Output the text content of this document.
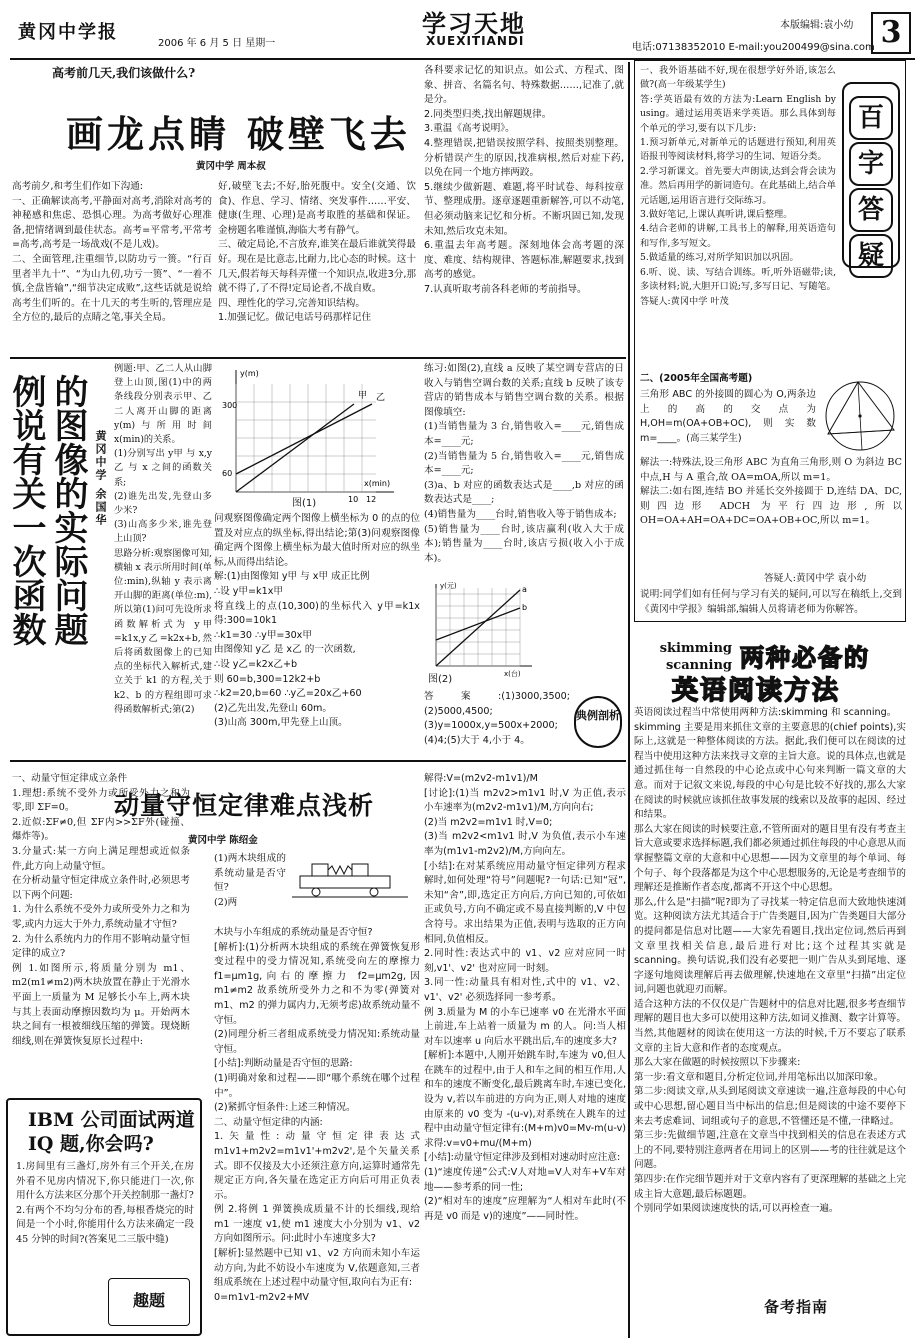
黄冈中学报
2006 年 6 月 5 日 星期一
学习天地
XUEXITIANDI
本版编辑:袁小幼
电话:07138352010 E-mail:you200499@sina.com 3
高考前几天,我们该做什么?
画龙点睛 破壁飞去
黄冈中学 周本叔
高考前夕,和考生们作如下沟通:
一、正确解读高考,平静面对高考,消除对高考的神秘感和焦虑、恐惧心理。为高考做好心理准备,把情绪调到最佳状态。高考=平常考,平常考=高考,高考是一场战戏(不是儿戏)。
二、全面管理,注重细节,以防功亏一篑。“行百里者半九十”、“为山九仞,功亏一篑”、“一着不慎,全盘皆输”,“细节决定成败”,这些话就是说给高考生们听的。在十几天的考生听的,管理应是全方位的,最后的点睛之笔,事关全局。
好,破壁飞去;不好,胎死腹中。安全(交通、饮食)、作息、学习、情绪、突发事件……平安、健康(生理、心理)是高考取胜的基础和保证。金榜题名唯谨慎,海临大考有静气。
三、破定局论,不言放弃,谁笑在最后谁就笑得最好。现在是比意志,比耐力,比心态的时候。这十几天,假若每天每科弄懂一个知识点,收进3分,那就不得了,了不得!定局论者,不战自败。
四、理性化的学习,完善知识结构。
1.加强记忆。做记电话号码那样记住
各科要求记忆的知识点。如公式、方程式、图象、拼音、名篇名句、特殊数据……,记准了,就是分。
2.同类型归类,找出解题规律。
3.重温《高考说明》。
4.整理错误,把错误按照学科、按照类别整理。分析错误产生的原因,找准病根,然后对症下药,以免在同一个地方摔两跤。
5.继续少做新题、难题,将平时试卷、每科按章节、整理成册。逐章逐题重新解答,可以不动笔,但必须动脑来记忆和分析。不断巩固已知,发现未知,然后攻克未知。
6.重温去年高考题。深刻地体会高考题的深度、难度、结构规律、答题标准,解题要求,找到高考的感觉。
7.认真听取考前各科老师的考前指导。
一、我外语基础不好,现在很想学好外语,该怎么做?(高一年级某学生)
答:学英语最有效的方法为:Learn English by using。通过运用英语来学英语。那么具体到每个单元的学习,要有以下几步:
1.预习新单元,对新单元的话题进行预知,利用英语报刊等阅读材料,将学习的生词、短语分类。
2.学习新课文。首先要大声朗读,达到会背会读为准。然后再用学的新词造句。在此基础上,结合单元话题,运用语言进行交际练习。
3.做好笔记,上课认真听讲,课后整理。
4.结合老师的讲解,工具书上的解释,用英语造句和写作,多写短文。
5.做适量的练习,对所学知识加以巩固。
6.听、说、读、写结合训练。听,听外语磁带;读,多读材料;说,大胆开口说;写,多写日记、写随笔。
答疑人:黄冈中学 叶茂
百
字
答
疑
二、(2005年全国高考题)
三角形 ABC 的外接圆的圆心为 O,两条边上的高的交点为 H,OH=m(OA+OB+OC),则实数 m=____。(高三某学生)
解法一:特殊法,设三角形 ABC 为直角三角形,则 O 为斜边 BC 中点,H 与 A 重合,故 OA=mOA,所以 m=1。
解法二:如右图,连结 BO 并延长交外接圆于 D,连结 DA、DC,则四边形 ADCH 为平行四边形,所以 OH=OA+AH=OA+DC=OA+OB+OC,所以 m=1。
答疑人:黄冈中学 袁小幼
说明:同学们如有任何与学习有关的疑问,可以写在稿纸上,交到《黄冈中学报》编辑部,编辑人员将请老师为你解答。
例说有关一次函数 的图像的实际问题 黄冈中学 余国华
例题:甲、乙二人从山脚登上山顶,图(1)中的两条线段分别表示甲、乙二人离开山脚的距离 y(m)与所用时间 x(min)的关系。
(1)分别写出 y甲 与 x,y乙 与 x 之间的函数关系;
(2)谁先出发,先登山多少米?
(3)山高多少米,谁先登上山顶?
思路分析:观察图像可知,横轴 x 表示所用时间(单位:min),纵轴 y 表示离开山脚的距离(单位:m),所以第(1)问可先设所求函数解析式为 y甲=k1x,y乙=k2x+b,然后将函数图像上的已知点的坐标代入解析式,建立关于 k1 的方程,关于 k2、b 的方程组即可求得函数解析式;第(2)
300
60
10 12
y(m)
x(min)
甲 乙
图(1)
问观察图像确定两个图像上横坐标为 0 的点的位置及对应点的纵坐标,得出结论;第(3)问观察图像确定两个图像上横坐标为最大值时所对应的纵坐标,从而得出结论。
解:(1)由图像知 y甲 与 x甲 成正比例
∴设 y甲=k1x甲
将直线上的点(10,300)的坐标代入 y甲=k1x 得:300=10k1
∴k1=30 ∴y甲=30x甲
由图像知 y乙 是 x乙 的一次函数,
∴设 y乙=k2x乙+b
则 60=b,300=12k2+b
∴k2=20,b=60 ∴y乙=20x乙+60
(2)乙先出发,先登山 60m。
(3)山高 300m,甲先登上山顶。
练习:如图(2),直线 a 反映了某空调专营店的日收入与销售空调台数的关系;直线 b 反映了该专营店的销售成本与销售空调台数的关系。根据图像填空:
(1)当销售量为 3 台,销售收入=____元,销售成本=____元;
(2)当销售量为 5 台,销售收入=____元,销售成本=____元;
(3)a、b 对应的函数表达式是____,b 对应的函数表达式是____;
(4)销售量为____台时,销售收入等于销售成本;
(5)销售量为____台时,该店赢利(收入大于成本);销售量为____台时,该店亏损(收入小于成本)。
a
b
y(元)
x(台)
图(2)
答案:(1)3000,3500;(2)5000,4500;(3)y=1000x,y=500x+2000;(4)4;(5)大于 4,小于 4。
典例剖析
skimming
scanning 两种必备的
英语阅读方法
英语阅读过程当中常使用两种方法:skimming 和 scanning。
skimming 主要是用来抓住文章的主要意思的(chief points),实际上,这就是一种整体阅读的方法。据此,我们便可以在阅读的过程当中使用这种方法来找寻文章的主旨大意。说的具体点,也就是通过抓住每一自然段的中心论点或中心句来判断一篇文章的大意。而对于记叙文来说,每段的中心句是比较不好找的,那么大家在阅读的时候就应该抓住故事发展的线索以及故事的起因、经过和结果。
那么大家在阅读的时候要注意,不管所面对的题目里有没有考查主旨大意或要求选择标题,我们都必须通过抓住每段的中心意思从而掌握整篇文章的大意和中心思想——因为文章里的每个单词、每个句子、每个段落都是为这个中心思想服务的,无论是考查细节的理解还是推断作者态度,都离不开这个中心思想。
那么,什么是“扫描”呢?即为了寻找某一特定信息而大致地快速浏览。这种阅读方法尤其适合于广告类题目,因为广告类题目大部分的提问都是信息对比题——大家先看题目,找出定位词,然后再到文章里找相关信息,最后进行对比;这个过程其实就是 scanning。换句话说,我们没有必要把一则广告从头到尾地、逐字逐句地阅读理解后再去做理解,快速地在文章里“扫描”出定位词,问题也就迎刃而解。
适合这种方法的不仅仅是广告题材中的信息对比题,很多考查细节理解的题目也大多可以使用这种方法,如词义推测、数字计算等。当然,其他题材的阅读在使用这一方法的时候,千万不要忘了联系文章的主旨大意和作者的态度观点。
那么大家在做题的时候按照以下步骤来:
第一步:看文章和题目,分析定位词,并用笔标出以加深印象。
第二步:阅读文章,从头到尾阅读文章速读一遍,注意每段的中心句或中心思想,留心题目当中标出的信息;但是阅读的中途不要停下来去考虑难词、词组或句子的意思,不管懂还是不懂,一律略过。
第三步:先做细节题,注意在文章当中找到相关的信息在表述方式上的不同,要特别注意两者在用词上的区别——考的往往就是这个问题。
第四步:在作完细节题并对于文章内容有了更深理解的基础之上完成主旨大意题,最后标题题。
个别同学如果阅读速度快的话,可以再检查一遍。
备考指南
一、动量守恒定律成立条件
1.理想:系统不受外力或所受外力之和为零,即 ΣF=0。
2.近似:ΣF≠0,但 ΣF内>>ΣF外(碰撞、爆炸等)。
3.分量式:某一方向上满足理想或近似条件,此方向上动量守恒。
在分析动量守恒定律成立条件时,必须思考以下两个问题:
1. 为什么系统不受外力或所受外力之和为零,或内力远大于外力,系统动量才守恒?
2. 为什么系统内力的作用不影响动量守恒定律的成立?
例 1.如图所示,将质量分别为 m1、m2(m1≠m2)两木块放置在静止于光滑水平面上一质量为 M 足够长小车上,两木块与其上表面动摩擦因数均为 μ。开始两木块之间有一根被细线压缩的弹簧。现烧断细线,则在弹簧恢复原长过程中:
动量守恒定律难点浅析
黄冈中学 陈绍金
(1)两木块组成的系统动量是否守恒?
(2)两
木块与小车组成的系统动量是否守恒?
[解析]:(1)分析两木块组成的系统在弹簧恢复形变过程中的受力情况知,系统受向左的摩擦力 f1=μm1g,向右的摩擦力 f2=μm2g,因 m1≠m2 故系统所受外力之和不为零(弹簧对 m1、m2 的弹力属内力,无须考虑)故系统动量不守恒。
(2)同理分析三者组成系统受力情况知:系统动量守恒。
[小结]:判断动量是否守恒的思路:
(1)明确对象和过程——即“哪个系统在哪个过程中”。
(2)紧抓守恒条件:上述三种情况。
二、动量守恒定律的内涵:
1.矢量性:动量守恒定律表达式 m1v1+m2v2=m1v1'+m2v2',是个矢量关系式。即不仅接及大小还须注意方向,运算时通常先规定正方向,各矢量在选定正方向后可用正负表示。
例 2.将例 1 弹簧换成质量不计的长细线,现给 m1 一速度 v1,使 m1 速度大小分别为 v1、v2 方向如图所示。问:此时小车速度多大?
[解析]:显然题中已知 v1、v2 方向而未知小车运动方向,为此不妨设小车速度为 V,依题意知,三者组成系统在上述过程中动量守恒,取向右为正有:
0=m1v1-m2v2+MV
解得:V=(m2v2-m1v1)/M
[讨论]:(1)当 m2v2>m1v1 时,V 为正值,表示小车速率为(m2v2-m1v1)/M,方向向右;
(2)当 m2v2=m1v1 时,V=0;
(3)当 m2v2<m1v1 时,V 为负值,表示小车速率为(m1v1-m2v2)/M,方向向左。
[小结]:在对某系统应用动量守恒定律列方程求解时,如何处理“符号”问题呢?一句话:已知“冠”,未知“舍”,即,选定正方向后,方向已知的,可依如正或负号,方向不确定或不易直接判断的,V 中包含符号。求出结果为正值,表明与选取的正方向相同,负值相反。
2.同时性:表达式中的 v1、v2 应对应同一时刻,v1'、v2' 也对应同一时刻。
3.同一性:动量具有相对性,式中的 v1、v2、v1'、v2' 必须选择同一参考系。
例 3.质量为 M 的小车已速率 v0 在光滑水平面上前进,车上站着一质量为 m 的人。问:当人相对车以速率 u 向后水平跳出后,车的速度多大?
[解析]:本题中,人刚开始跳车时,车速为 v0,但人在跳车的过程中,由于人和车之间的相互作用,人和车的速度不断变化,最后跳离车时,车速已变化,设为 v,若以车前进的方向为正,则人对地的速度由原来的 v0 变为 -(u-v),对系统在人跳车的过程中由动量守恒定律有:(M+m)v0=Mv-m(u-v)求得:v=v0+mu/(M+m)
[小结]:动量守恒定律涉及到相对速动时应注意:
(1)“速度传递”公式:V人对地=V人对车+V车对地——参考系的同一性;
(2)“相对车的速度”应理解为“人相对车此时(不再是 v0 而是 v)的速度”——同时性。
IBM 公司面试两道 IQ 题,你会吗?
1.房间里有三盏灯,房外有三个开关,在房外看不见房内情况下,你只能进门一次,你用什么方法来区分那个开关控制那一盏灯?
2.有两个不均匀分布的香,每根香烧完的时间是一个小时,你能用什么方法来确定一段 45 分钟的时间?(答案见二三版中缝)
趣题
